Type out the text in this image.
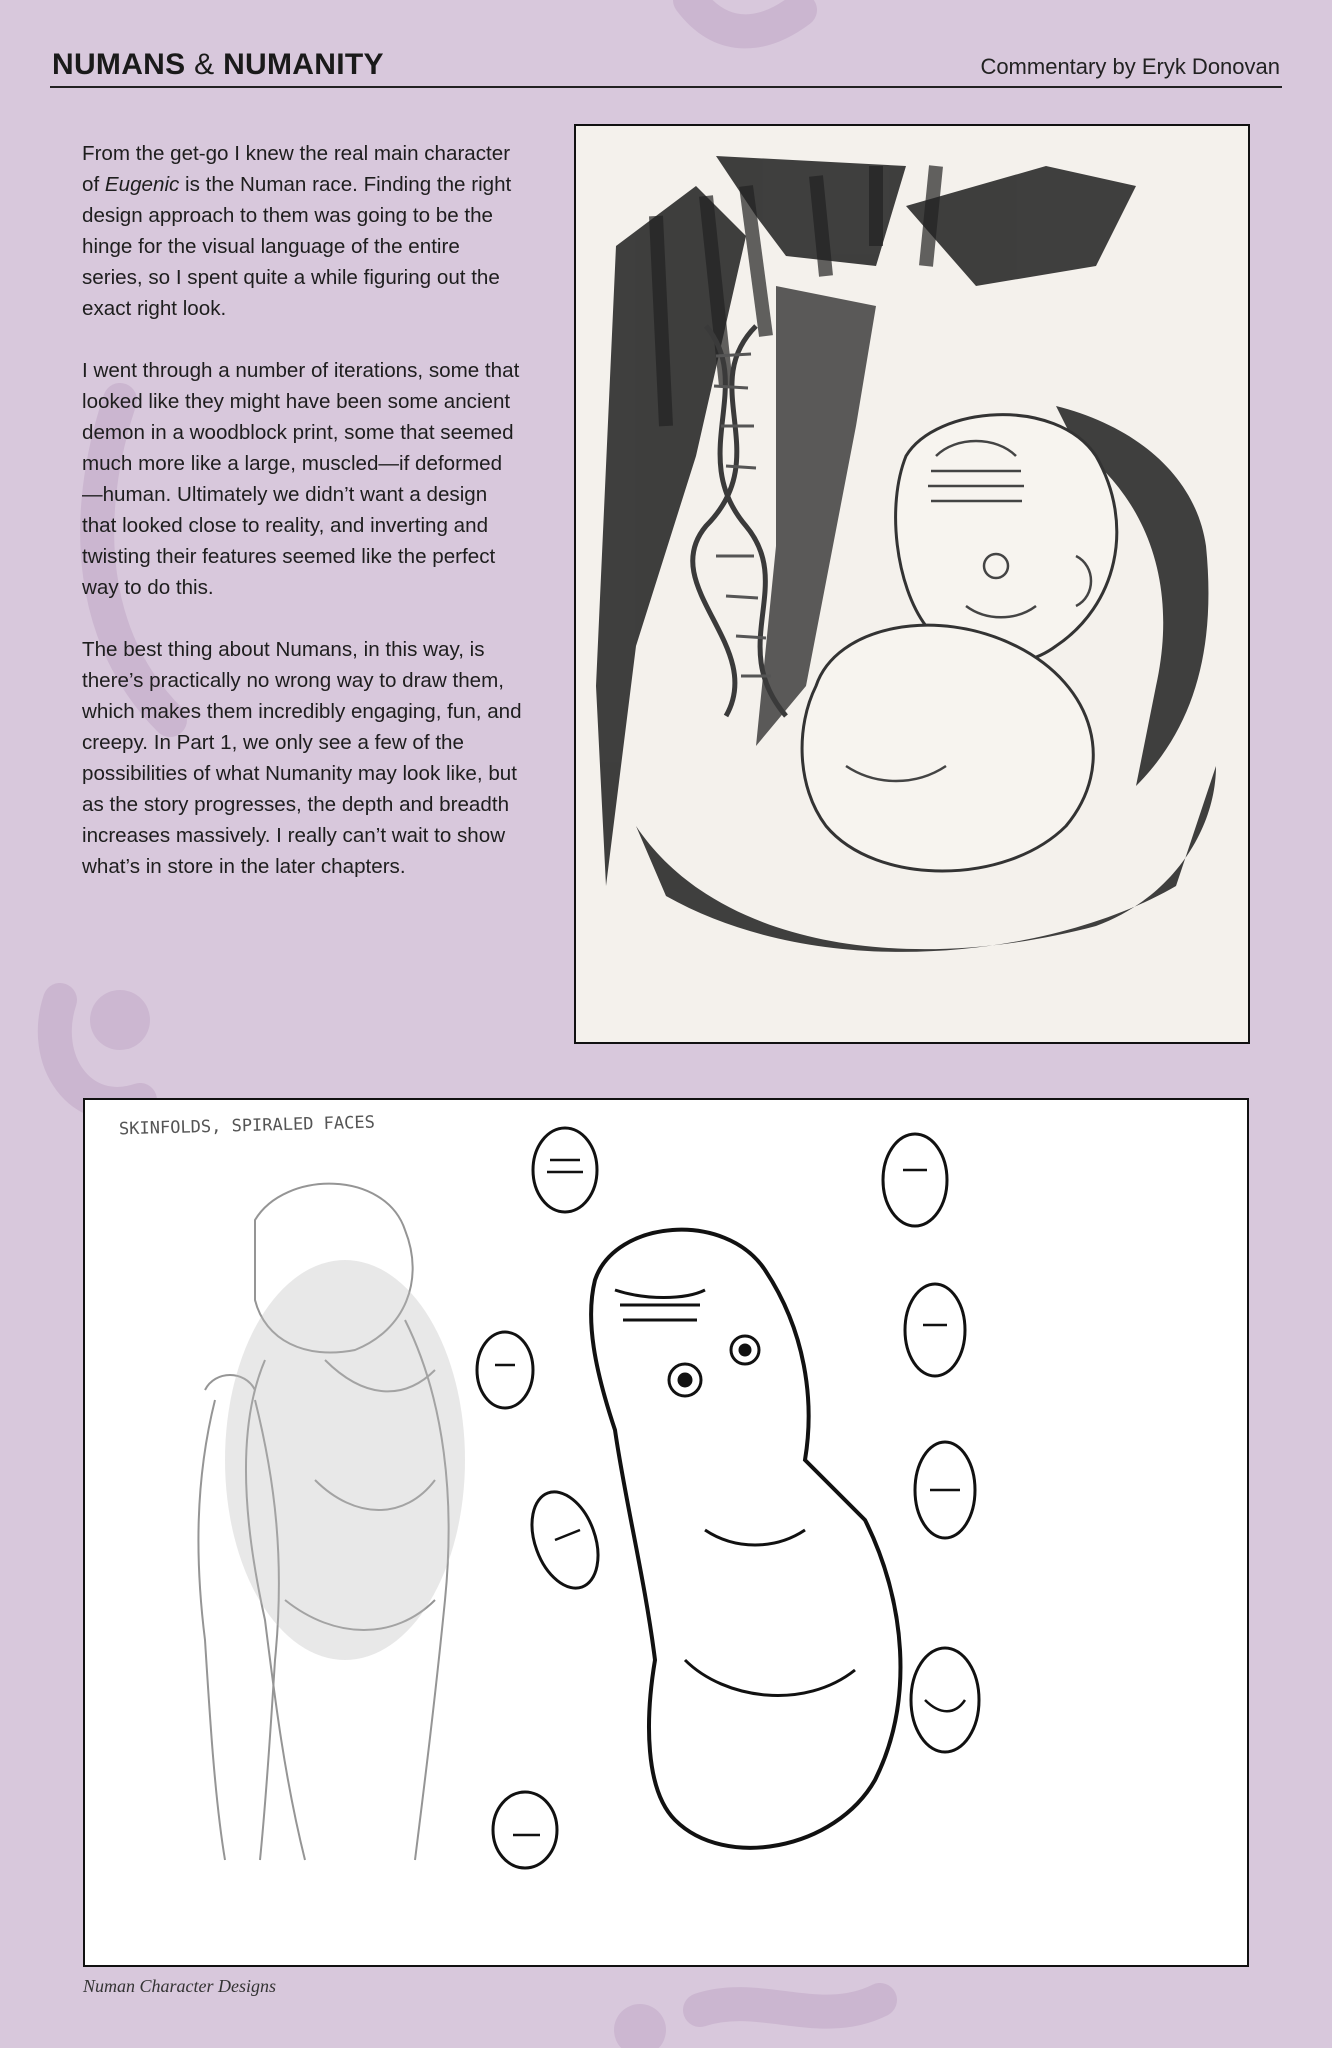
NUMANS & NUMANITY	Commentary by Eryk Donovan

From the get-go I knew the real main character of Eugenic is the Numan race. Finding the right design approach to them was going to be the hinge for the visual language of the entire series, so I spent quite a while figuring out the exact right look.

I went through a number of iterations, some that looked like they might have been some ancient demon in a woodblock print, some that seemed much more like a large, muscled—if deformed—human. Ultimately we didn’t want a design that looked close to reality, and inverting and twisting their features seemed like the perfect way to do this.

The best thing about Numans, in this way, is there’s practically no wrong way to draw them, which makes them incredibly engaging, fun, and creepy. In Part 1, we only see a few of the possibilities of what Numanity may look like, but as the story progresses, the depth and breadth increases massively. I really can’t wait to show what’s in store in the later chapters.

SKINFOLDS, SPIRALED FACES
Numan Character Designs
